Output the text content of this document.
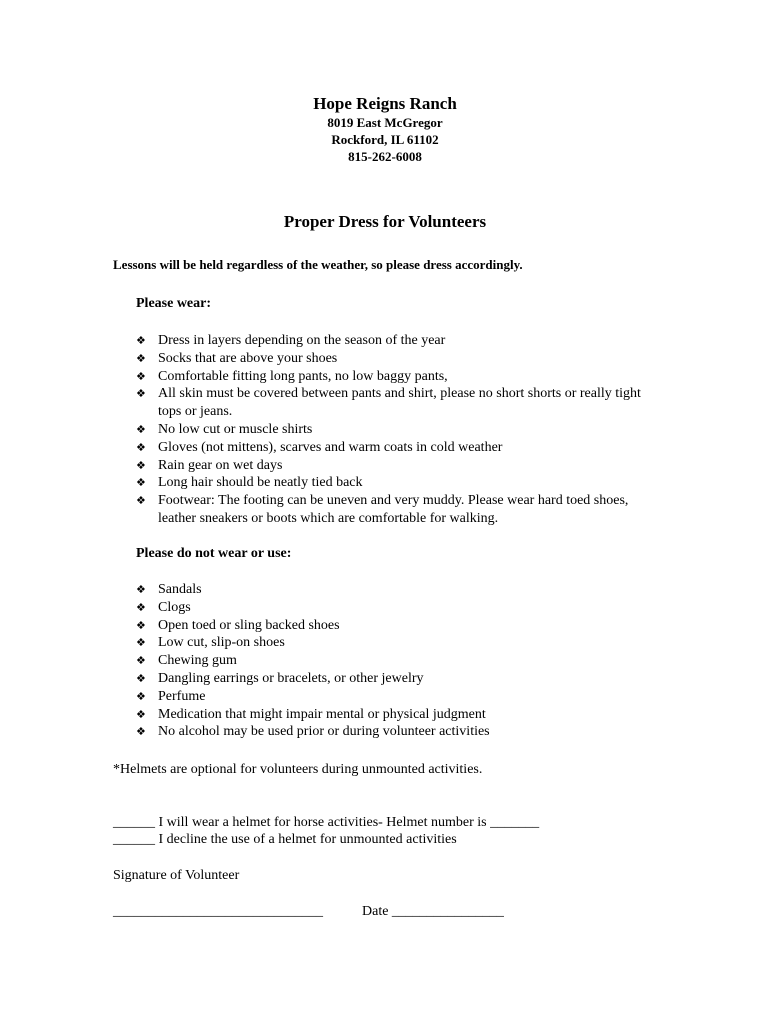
Hope Reigns Ranch
8019 East McGregor
Rockford, IL 61102
815-262-6008
Proper Dress for Volunteers
Lessons will be held regardless of the weather, so please dress accordingly.
Please wear:
❖ Dress in layers depending on the season of the year
❖ Socks that are above your shoes
❖ Comfortable fitting long pants, no low baggy pants,
❖ All skin must be covered between pants and shirt, please no short shorts or really tight tops or jeans.
❖ No low cut or muscle shirts
❖ Gloves (not mittens), scarves and warm coats in cold weather
❖ Rain gear on wet days
❖ Long hair should be neatly tied back
❖ Footwear: The footing can be uneven and very muddy. Please wear hard toed shoes, leather sneakers or boots which are comfortable for walking.
Please do not wear or use:
❖ Sandals
❖ Clogs
❖ Open toed or sling backed shoes
❖ Low cut, slip-on shoes
❖ Chewing gum
❖ Dangling earrings or bracelets, or other jewelry
❖ Perfume
❖ Medication that might impair mental or physical judgment
❖ No alcohol may be used prior or during volunteer activities
*Helmets are optional for volunteers during unmounted activities.
______ I will wear a helmet for horse activities- Helmet number is _______
______ I decline the use of a helmet for unmounted activities
Signature of Volunteer
______________________________	Date ________________
